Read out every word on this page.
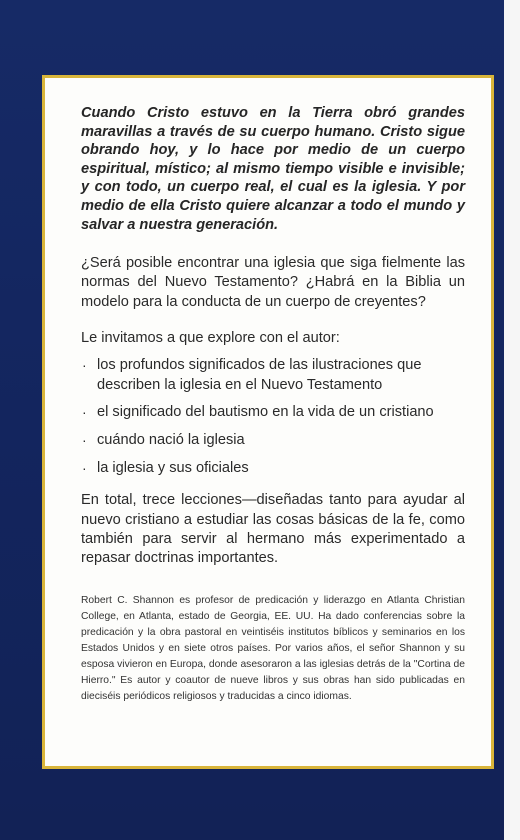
Cuando Cristo estuvo en la Tierra obró grandes maravillas a través de su cuerpo humano. Cristo sigue obrando hoy, y lo hace por medio de un cuerpo espiritual, místico; al mismo tiempo visible e invisible; y con todo, un cuerpo real, el cual es la iglesia. Y por medio de ella Cristo quiere alcanzar a todo el mundo y salvar a nuestra generación.

¿Será posible encontrar una iglesia que siga fielmente las normas del Nuevo Testamento? ¿Habrá en la Biblia un modelo para la conducta de un cuerpo de creyentes?

Le invitamos a que explore con el autor:

· los profundos significados de las ilustraciones que describen la iglesia en el Nuevo Testamento
· el significado del bautismo en la vida de un cristiano
· cuándo nació la iglesia
· la iglesia y sus oficiales

En total, trece lecciones—diseñadas tanto para ayudar al nuevo cristiano a estudiar las cosas básicas de la fe, como también para servir al hermano más experimentado a repasar doctrinas importantes.

Robert C. Shannon es profesor de predicación y liderazgo en Atlanta Christian College, en Atlanta, estado de Georgia, EE. UU. Ha dado conferencias sobre la predicación y la obra pastoral en veintiséis institutos bíblicos y seminarios en los Estados Unidos y en siete otros países. Por varios años, el señor Shannon y su esposa vivieron en Europa, donde asesoraron a las iglesias detrás de la "Cortina de Hierro." Es autor y coautor de nueve libros y sus obras han sido publicadas en dieciséis periódicos religiosos y traducidas a cinco idiomas.
